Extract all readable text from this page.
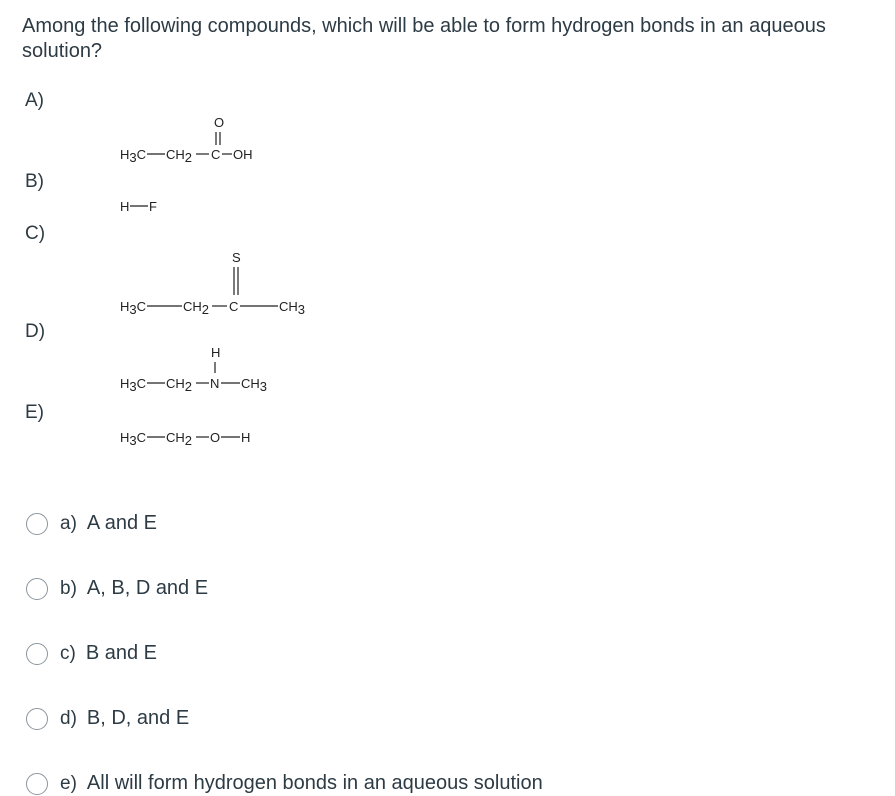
Among the following compounds, which will be able to form hydrogen bonds in an aqueous solution?

A)
B)
C)
D)
E)
O
H3C CH2 C OH
H F
S
H3C	CH2 C	CH3
H
H3C CH2 N CH3
H3C CH2 O H
a) A and E
b) A, B, D and E
c) B and E
d) B, D, and E
e) All will form hydrogen bonds in an aqueous solution
